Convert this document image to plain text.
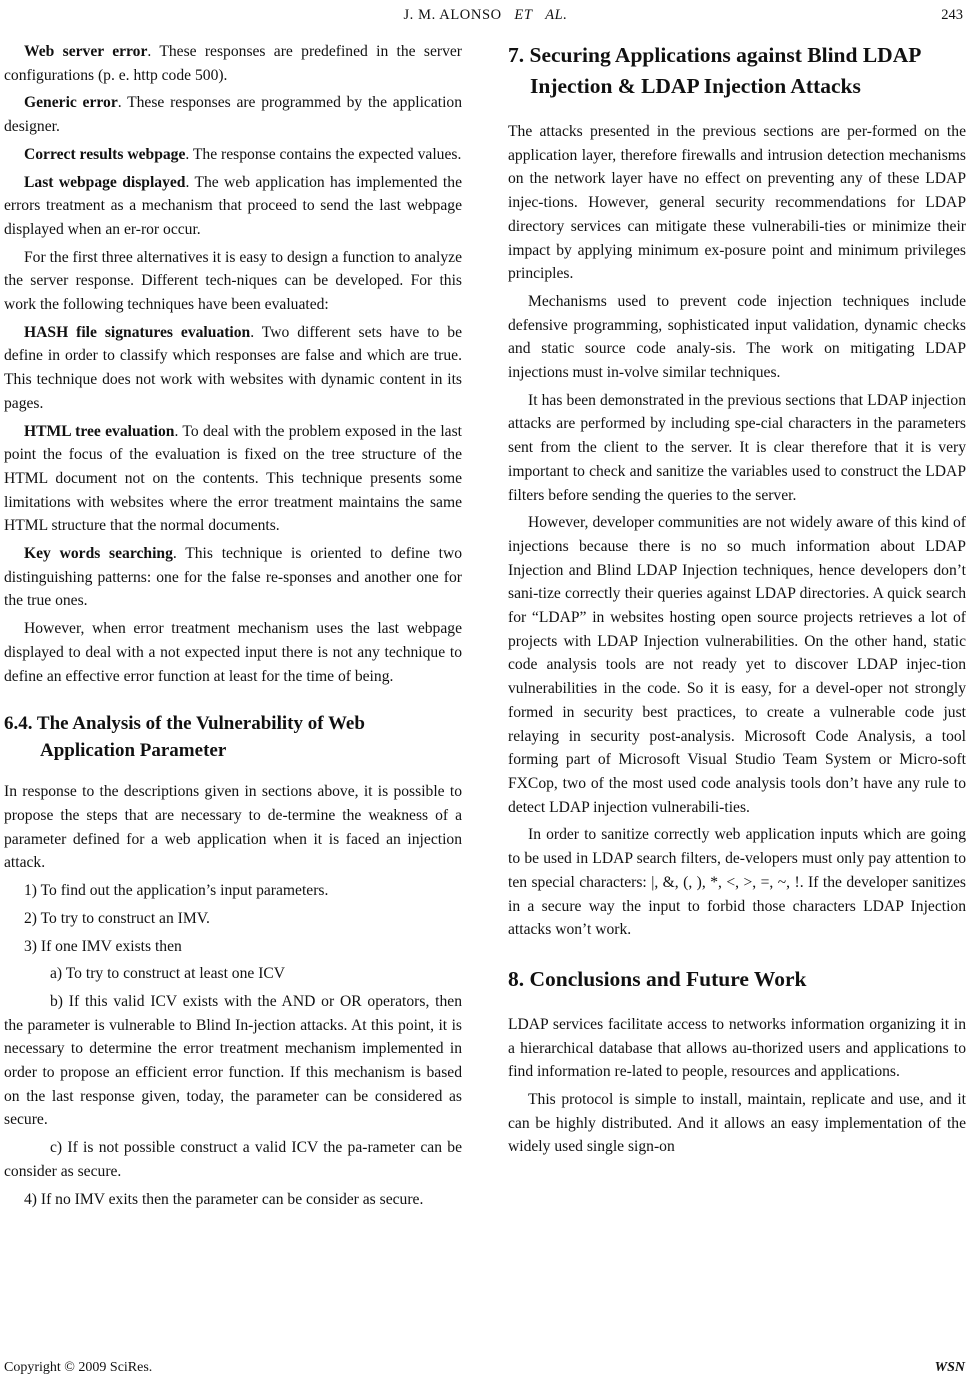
J. M. ALONSO ET AL.	243

Web server error. These responses are predefined in the server configurations (p. e. http code 500).

Generic error. These responses are programmed by the application designer.

Correct results webpage. The response contains the expected values.

Last webpage displayed. The web application has implemented the errors treatment as a mechanism that proceed to send the last webpage displayed when an er-ror occur.

For the first three alternatives it is easy to design a function to analyze the server response. Different tech-niques can be developed. For this work the following techniques have been evaluated:

HASH file signatures evaluation. Two different sets have to be define in order to classify which responses are false and which are true. This technique does not work with websites with dynamic content in its pages.

HTML tree evaluation. To deal with the problem exposed in the last point the focus of the evaluation is fixed on the tree structure of the HTML document not on the contents. This technique presents some limitations with websites where the error treatment maintains the same HTML structure that the normal documents.

Key words searching. This technique is oriented to define two distinguishing patterns: one for the false re-sponses and another one for the true ones.

However, when error treatment mechanism uses the last webpage displayed to deal with a not expected input there is not any technique to define an effective error function at least for the time of being.

6.4. The Analysis of the Vulnerability of Web Application Parameter

In response to the descriptions given in sections above, it is possible to propose the steps that are necessary to de-termine the weakness of a parameter defined for a web application when it is faced an injection attack.

1) To find out the application’s input parameters.

2) To try to construct an IMV.

3) If one IMV exists then

a) To try to construct at least one ICV

b) If this valid ICV exists with the AND or OR operators, then the parameter is vulnerable to Blind In-jection attacks. At this point, it is necessary to determine the error treatment mechanism implemented in order to propose an efficient error function. If this mechanism is based on the last response given, today, the parameter can be considered as secure.

c) If is not possible construct a valid ICV the pa-rameter can be consider as secure.

4) If no IMV exits then the parameter can be consider as secure.

7. Securing Applications against Blind LDAP Injection & LDAP Injection Attacks

The attacks presented in the previous sections are per-formed on the application layer, therefore firewalls and intrusion detection mechanisms on the network layer have no effect on preventing any of these LDAP injec-tions. However, general security recommendations for LDAP directory services can mitigate these vulnerabili-ties or minimize their impact by applying minimum ex-posure point and minimum privileges principles.

Mechanisms used to prevent code injection techniques include defensive programming, sophisticated input validation, dynamic checks and static source code analy-sis. The work on mitigating LDAP injections must in-volve similar techniques.

It has been demonstrated in the previous sections that LDAP injection attacks are performed by including spe-cial characters in the parameters sent from the client to the server. It is clear therefore that it is very important to check and sanitize the variables used to construct the LDAP filters before sending the queries to the server.

However, developer communities are not widely aware of this kind of injections because there is no so much information about LDAP Injection and Blind LDAP Injection techniques, hence developers don’t sani-tize correctly their queries against LDAP directories. A quick search for “LDAP” in websites hosting open source projects retrieves a lot of projects with LDAP Injection vulnerabilities. On the other hand, static code analysis tools are not ready yet to discover LDAP injec-tion vulnerabilities in the code. So it is easy, for a devel-oper not strongly formed in security best practices, to create a vulnerable code just relaying in security post-analysis. Microsoft Code Analysis, a tool forming part of Microsoft Visual Studio Team System or Micro-soft FXCop, two of the most used code analysis tools don’t have any rule to detect LDAP injection vulnerabili-ties.

In order to sanitize correctly web application inputs which are going to be used in LDAP search filters, de-velopers must only pay attention to ten special characters: |, &, (, ), *, <, >, =, ~, !. If the developer sanitizes in a secure way the input to forbid those characters LDAP Injection attacks won’t work.

8. Conclusions and Future Work

LDAP services facilitate access to networks information organizing it in a hierarchical database that allows au-thorized users and applications to find information re-lated to people, resources and applications.

This protocol is simple to install, maintain, replicate and use, and it can be highly distributed. And it allows an easy implementation of the widely used single sign-on

Copyright © 2009 SciRes.	WSN
